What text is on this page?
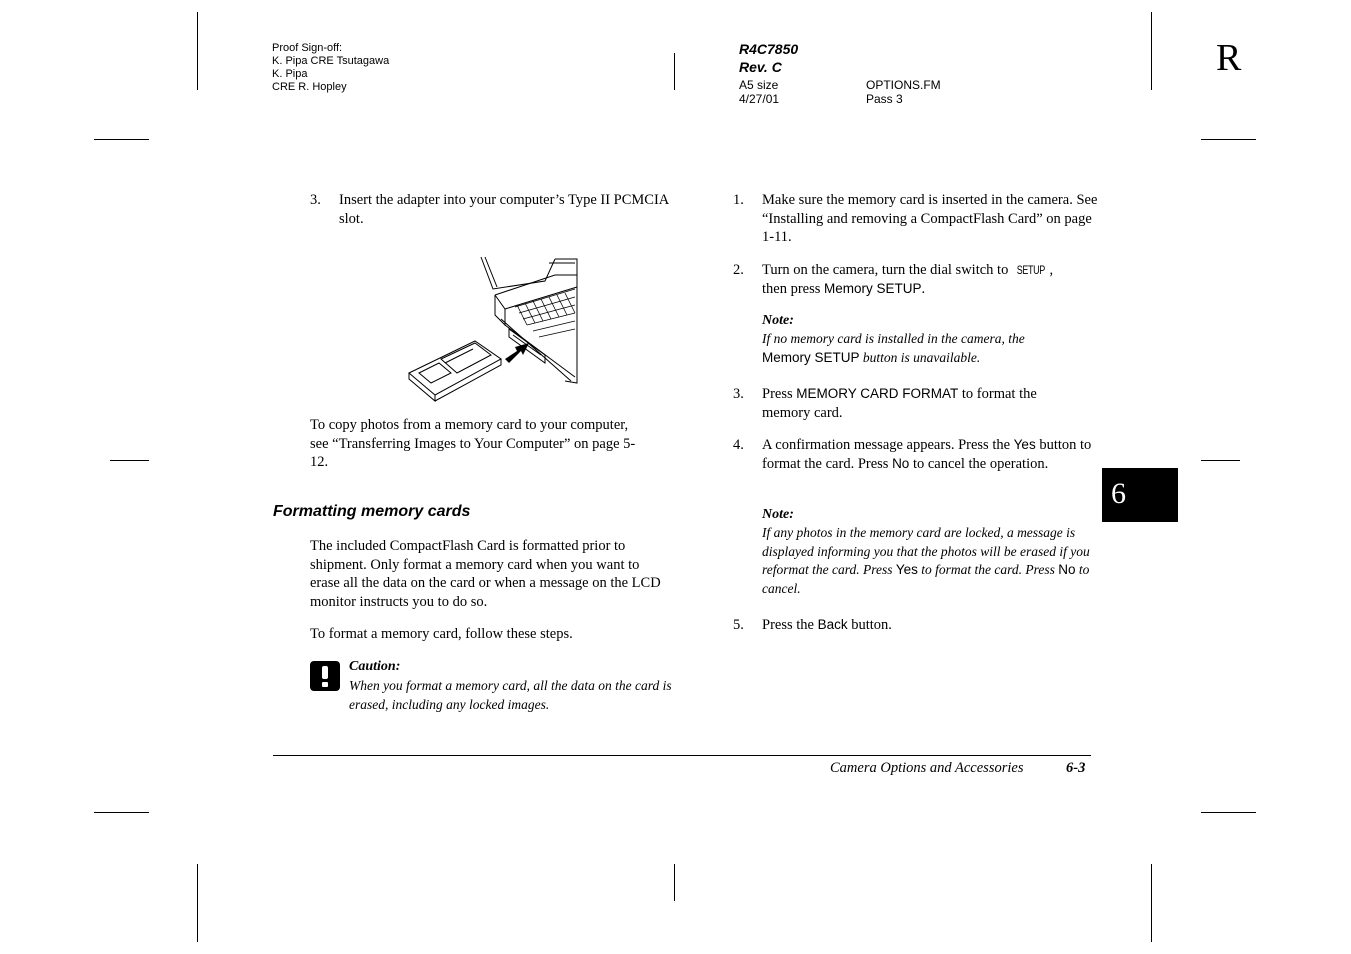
Proof Sign-off:
K. Pipa CRE Tsutagawa
K. Pipa
CRE R. Hopley
R4C7850
Rev. C
A5 size
4/27/01
OPTIONS.FM
Pass 3
R
3. Insert the adapter into your computer’s Type II PCMCIA slot.
To copy photos from a memory card to your computer, see “Transferring Images to Your Computer” on page 5-12.
Formatting memory cards
The included CompactFlash Card is formatted prior to shipment. Only format a memory card when you want to erase all the data on the card or when a message on the LCD monitor instructs you to do so.
To format a memory card, follow these steps.
Caution:
When you format a memory card, all the data on the card is erased, including any locked images.
1. Make sure the memory card is inserted in the camera. See “Installing and removing a CompactFlash Card” on page 1-11.
2. Turn on the camera, turn the dial switch to SETUP ,
then press Memory SETUP.
Note:
If no memory card is installed in the camera, the
Memory SETUP button is unavailable.
3. Press MEMORY CARD FORMAT to format the memory card.
4. A confirmation message appears. Press the Yes button to format the card. Press No to cancel the operation.
Note:
If any photos in the memory card are locked, a message is displayed informing you that the photos will be erased if you reformat the card. Press Yes to format the card. Press No to cancel.
5. Press the Back button.
6
Camera Options and Accessories	6-3
